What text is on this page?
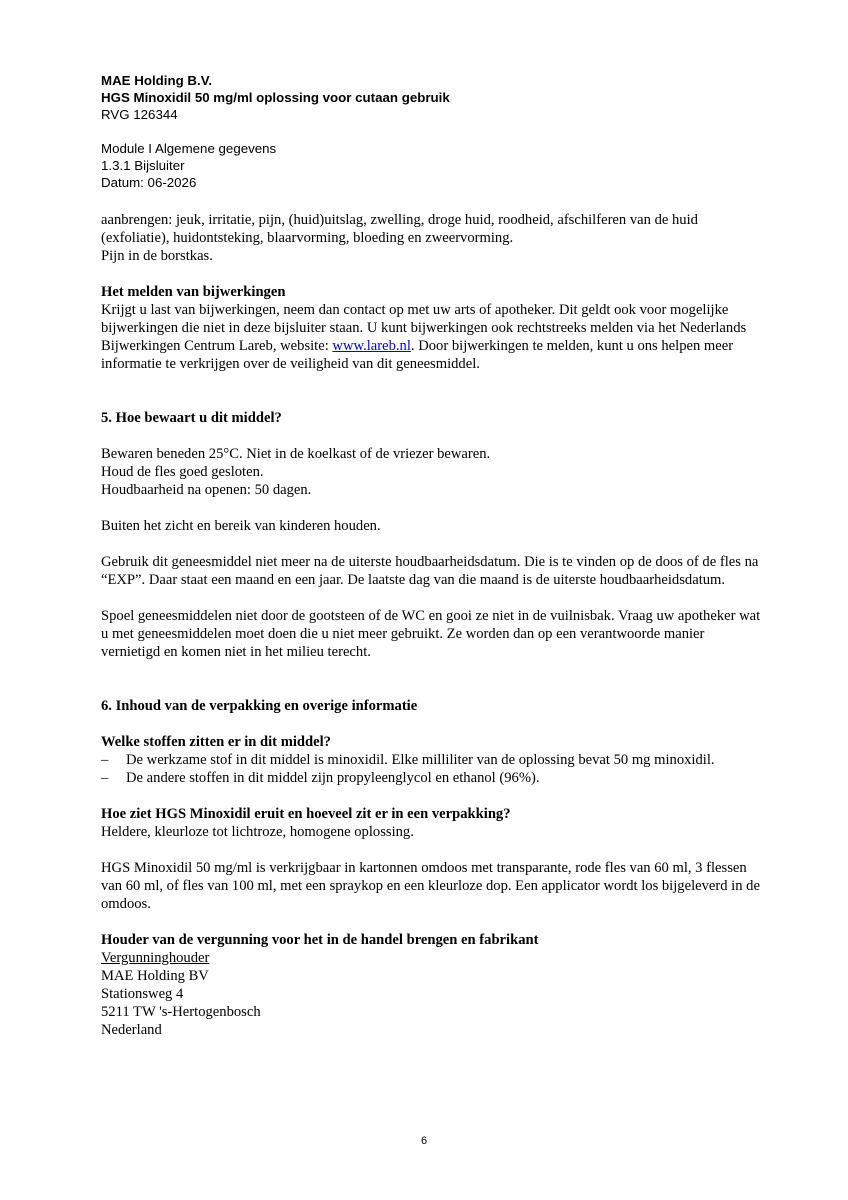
MAE Holding B.V.

HGS Minoxidil 50 mg/ml oplossing voor cutaan gebruik

RVG 126344

Module I Algemene gegevens

1.3.1 Bijsluiter

Datum: 06-2026

aanbrengen: jeuk, irritatie, pijn, (huid)uitslag, zwelling, droge huid, roodheid, afschilferen van de huid (exfoliatie), huidontsteking, blaarvorming, bloeding en zweervorming.

Pijn in de borstkas.

Het melden van bijwerkingen

Krijgt u last van bijwerkingen, neem dan contact op met uw arts of apotheker. Dit geldt ook voor mogelijke bijwerkingen die niet in deze bijsluiter staan. U kunt bijwerkingen ook rechtstreeks melden via het Nederlands Bijwerkingen Centrum Lareb, website: www.lareb.nl. Door bijwerkingen te melden, kunt u ons helpen meer informatie te verkrijgen over de veiligheid van dit geneesmiddel.

5. Hoe bewaart u dit middel?

Bewaren beneden 25°C. Niet in de koelkast of de vriezer bewaren.

Houd de fles goed gesloten.

Houdbaarheid na openen: 50 dagen.

Buiten het zicht en bereik van kinderen houden.

Gebruik dit geneesmiddel niet meer na de uiterste houdbaarheidsdatum. Die is te vinden op de doos of de fles na “EXP”. Daar staat een maand en een jaar. De laatste dag van die maand is de uiterste houdbaarheidsdatum.

Spoel geneesmiddelen niet door de gootsteen of de WC en gooi ze niet in de vuilnisbak. Vraag uw apotheker wat u met geneesmiddelen moet doen die u niet meer gebruikt. Ze worden dan op een verantwoorde manier vernietigd en komen niet in het milieu terecht.

6. Inhoud van de verpakking en overige informatie

Welke stoffen zitten er in dit middel?

– De werkzame stof in dit middel is minoxidil. Elke milliliter van de oplossing bevat 50 mg minoxidil.
– De andere stoffen in dit middel zijn propyleenglycol en ethanol (96%).

Hoe ziet HGS Minoxidil eruit en hoeveel zit er in een verpakking?

Heldere, kleurloze tot lichtroze, homogene oplossing.

HGS Minoxidil 50 mg/ml is verkrijgbaar in kartonnen omdoos met transparante, rode fles van 60 ml, 3 flessen van 60 ml, of fles van 100 ml, met een spraykop en een kleurloze dop. Een applicator wordt los bijgeleverd in de omdoos.

Houder van de vergunning voor het in de handel brengen en fabrikant

Vergunninghouder

MAE Holding BV

Stationsweg 4

5211 TW 's-Hertogenbosch

Nederland

6
